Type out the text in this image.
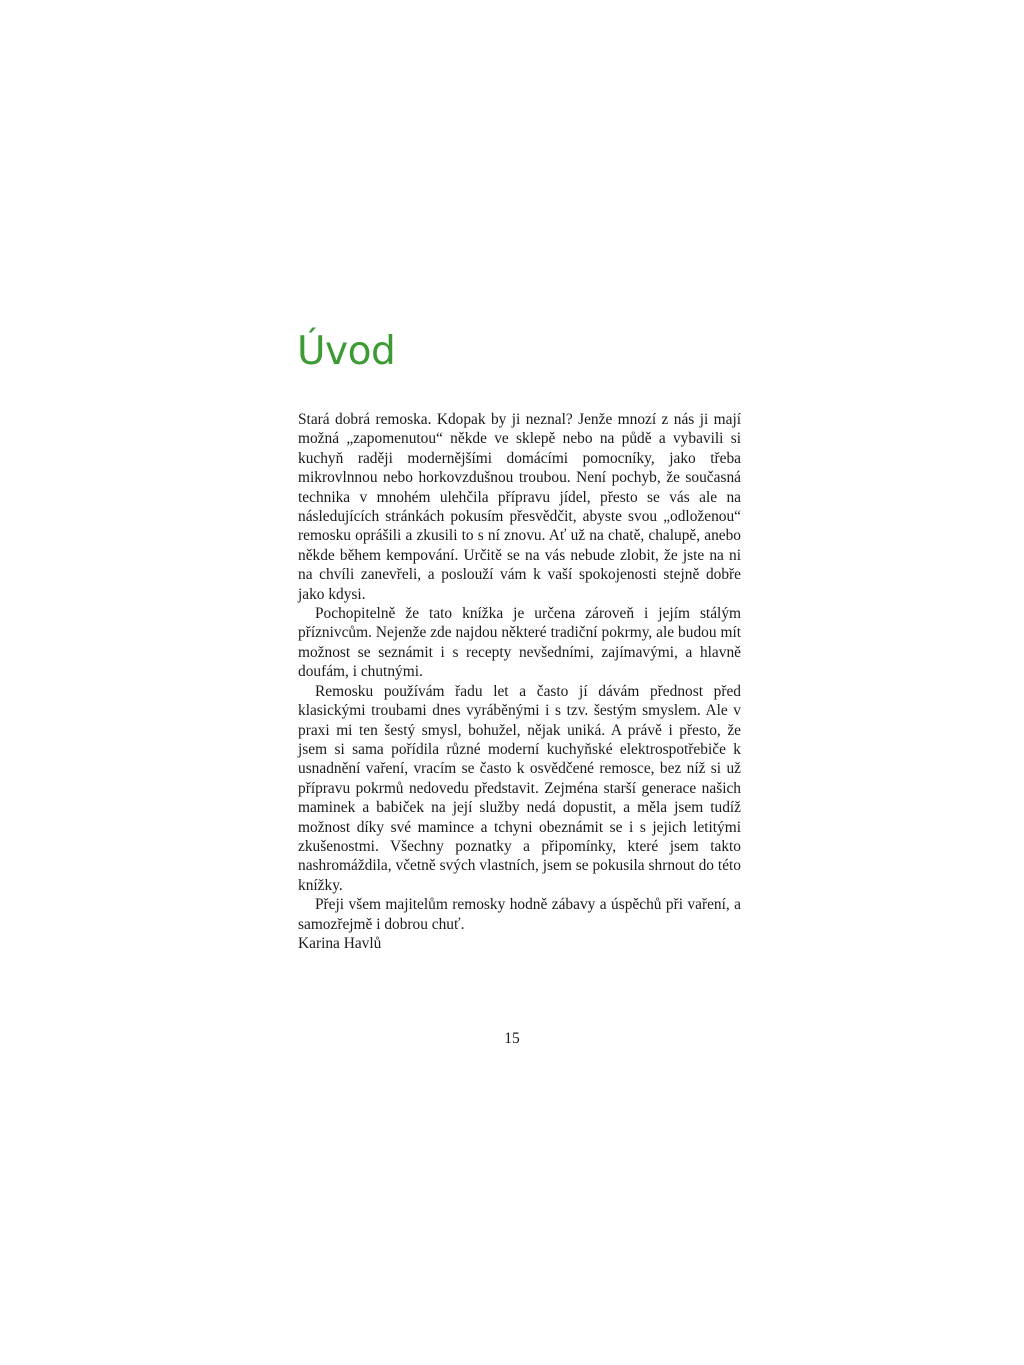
Úvod

Stará dobrá remoska. Kdopak by ji neznal? Jenže mnozí z nás ji mají možná „zapomenutou“ někde ve sklepě nebo na půdě a vybavili si kuchyň raději modernějšími domácími pomocníky, jako třeba mikrovlnnou nebo horkovzdušnou troubou. Není pochyb, že současná technika v mnohém ulehčila přípravu jídel, přesto se vás ale na následujících stránkách pokusím přesvědčit, abyste svou „odloženou“ remosku oprášili a zkusili to s ní znovu. Ať už na chatě, chalupě, anebo někde během kempování. Určitě se na vás nebude zlobit, že jste na ni na chvíli zanevřeli, a poslouží vám k vaší spokojenosti stejně dobře jako kdysi.

Pochopitelně že tato knížka je určena zároveň i jejím stálým příznivcům. Nejenže zde najdou některé tradiční pokrmy, ale budou mít možnost se seznámit i s recepty nevšedními, zajímavými, a hlavně doufám, i chutnými.

Remosku používám řadu let a často jí dávám přednost před klasickými troubami dnes vyráběnými i s tzv. šestým smyslem. Ale v praxi mi ten šestý smysl, bohužel, nějak uniká. A právě i přesto, že jsem si sama pořídila různé moderní kuchyňské elektrospotřebiče k usnadnění vaření, vracím se často k osvědčené remosce, bez níž si už přípravu pokrmů nedovedu představit. Zejména starší generace našich maminek a babiček na její služby nedá dopustit, a měla jsem tudíž možnost díky své mamince a tchyni obeznámit se i s jejich letitými zkušenostmi. Všechny poznatky a připomínky, které jsem takto nashromáždila, včetně svých vlastních, jsem se pokusila shrnout do této knížky.

Přeji všem majitelům remosky hodně zábavy a úspěchů při vaření, a samozřejmě i dobrou chuť.

Karina Havlů

15
